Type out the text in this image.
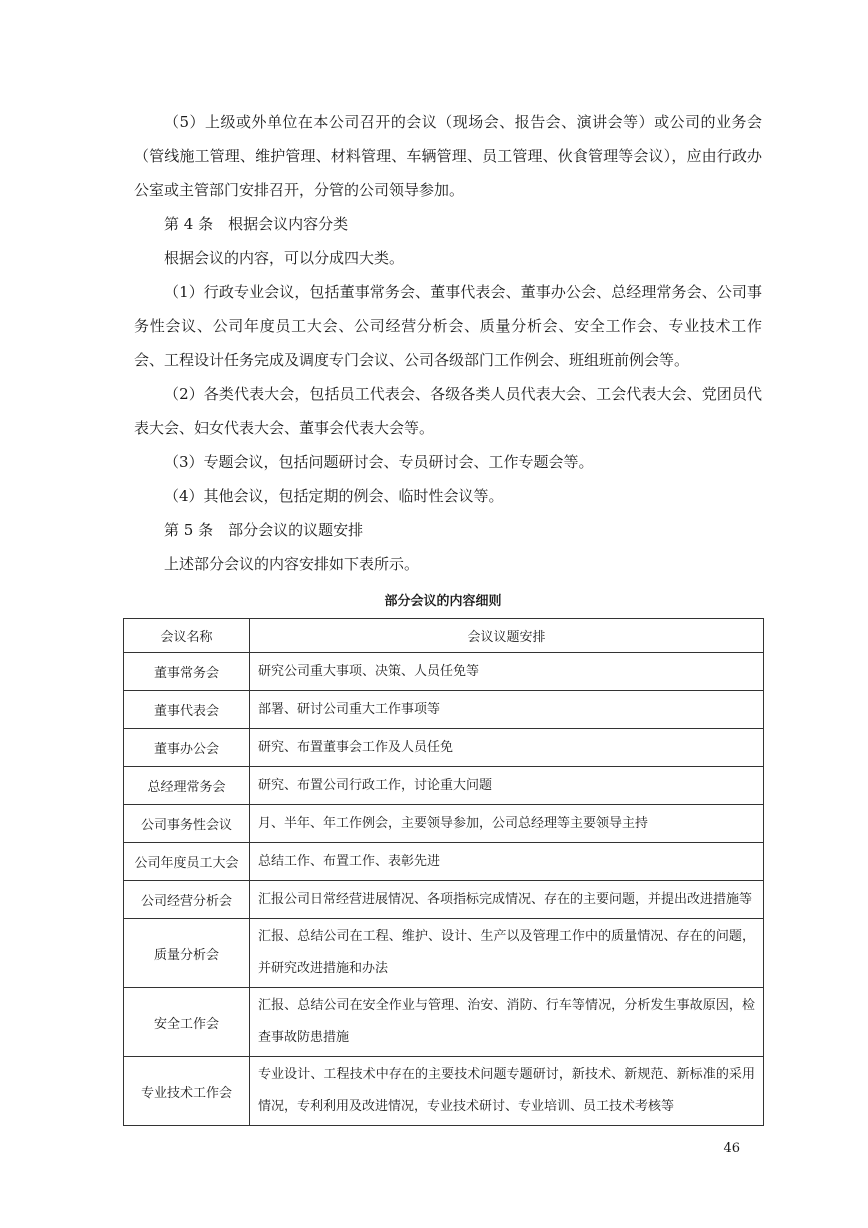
（5）上级或外单位在本公司召开的会议（现场会、报告会、演讲会等）或公司的业务会（管线施工管理、维护管理、材料管理、车辆管理、员工管理、伙食管理等会议），应由行政办公室或主管部门安排召开，分管的公司领导参加。

第 4 条　根据会议内容分类

根据会议的内容，可以分成四大类。

（1）行政专业会议，包括董事常务会、董事代表会、董事办公会、总经理常务会、公司事务性会议、公司年度员工大会、公司经营分析会、质量分析会、安全工作会、专业技术工作会、工程设计任务完成及调度专门会议、公司各级部门工作例会、班组班前例会等。

（2）各类代表大会，包括员工代表会、各级各类人员代表大会、工会代表大会、党团员代表大会、妇女代表大会、董事会代表大会等。

（3）专题会议，包括问题研讨会、专员研讨会、工作专题会等。

（4）其他会议，包括定期的例会、临时性会议等。

第 5 条　部分会议的议题安排

上述部分会议的内容安排如下表所示。

部分会议的内容细则
会议名称	会议议题安排
董事常务会	研究公司重大事项、决策、人员任免等
董事代表会	部署、研讨公司重大工作事项等
董事办公会	研究、布置董事会工作及人员任免
总经理常务会	研究、布置公司行政工作，讨论重大问题
公司事务性会议	月、半年、年工作例会，主要领导参加，公司总经理等主要领导主持
公司年度员工大会	总结工作、布置工作、表彰先进
公司经营分析会	汇报公司日常经营进展情况、各项指标完成情况、存在的主要问题，并提出改进措施等
质量分析会	汇报、总结公司在工程、维护、设计、生产以及管理工作中的质量情况、存在的问题，并研究改进措施和办法
安全工作会	汇报、总结公司在安全作业与管理、治安、消防、行车等情况，分析发生事故原因，检查事故防患措施
专业技术工作会	专业设计、工程技术中存在的主要技术问题专题研讨，新技术、新规范、新标准的采用情况，专利利用及改进情况，专业技术研讨、专业培训、员工技术考核等
46
